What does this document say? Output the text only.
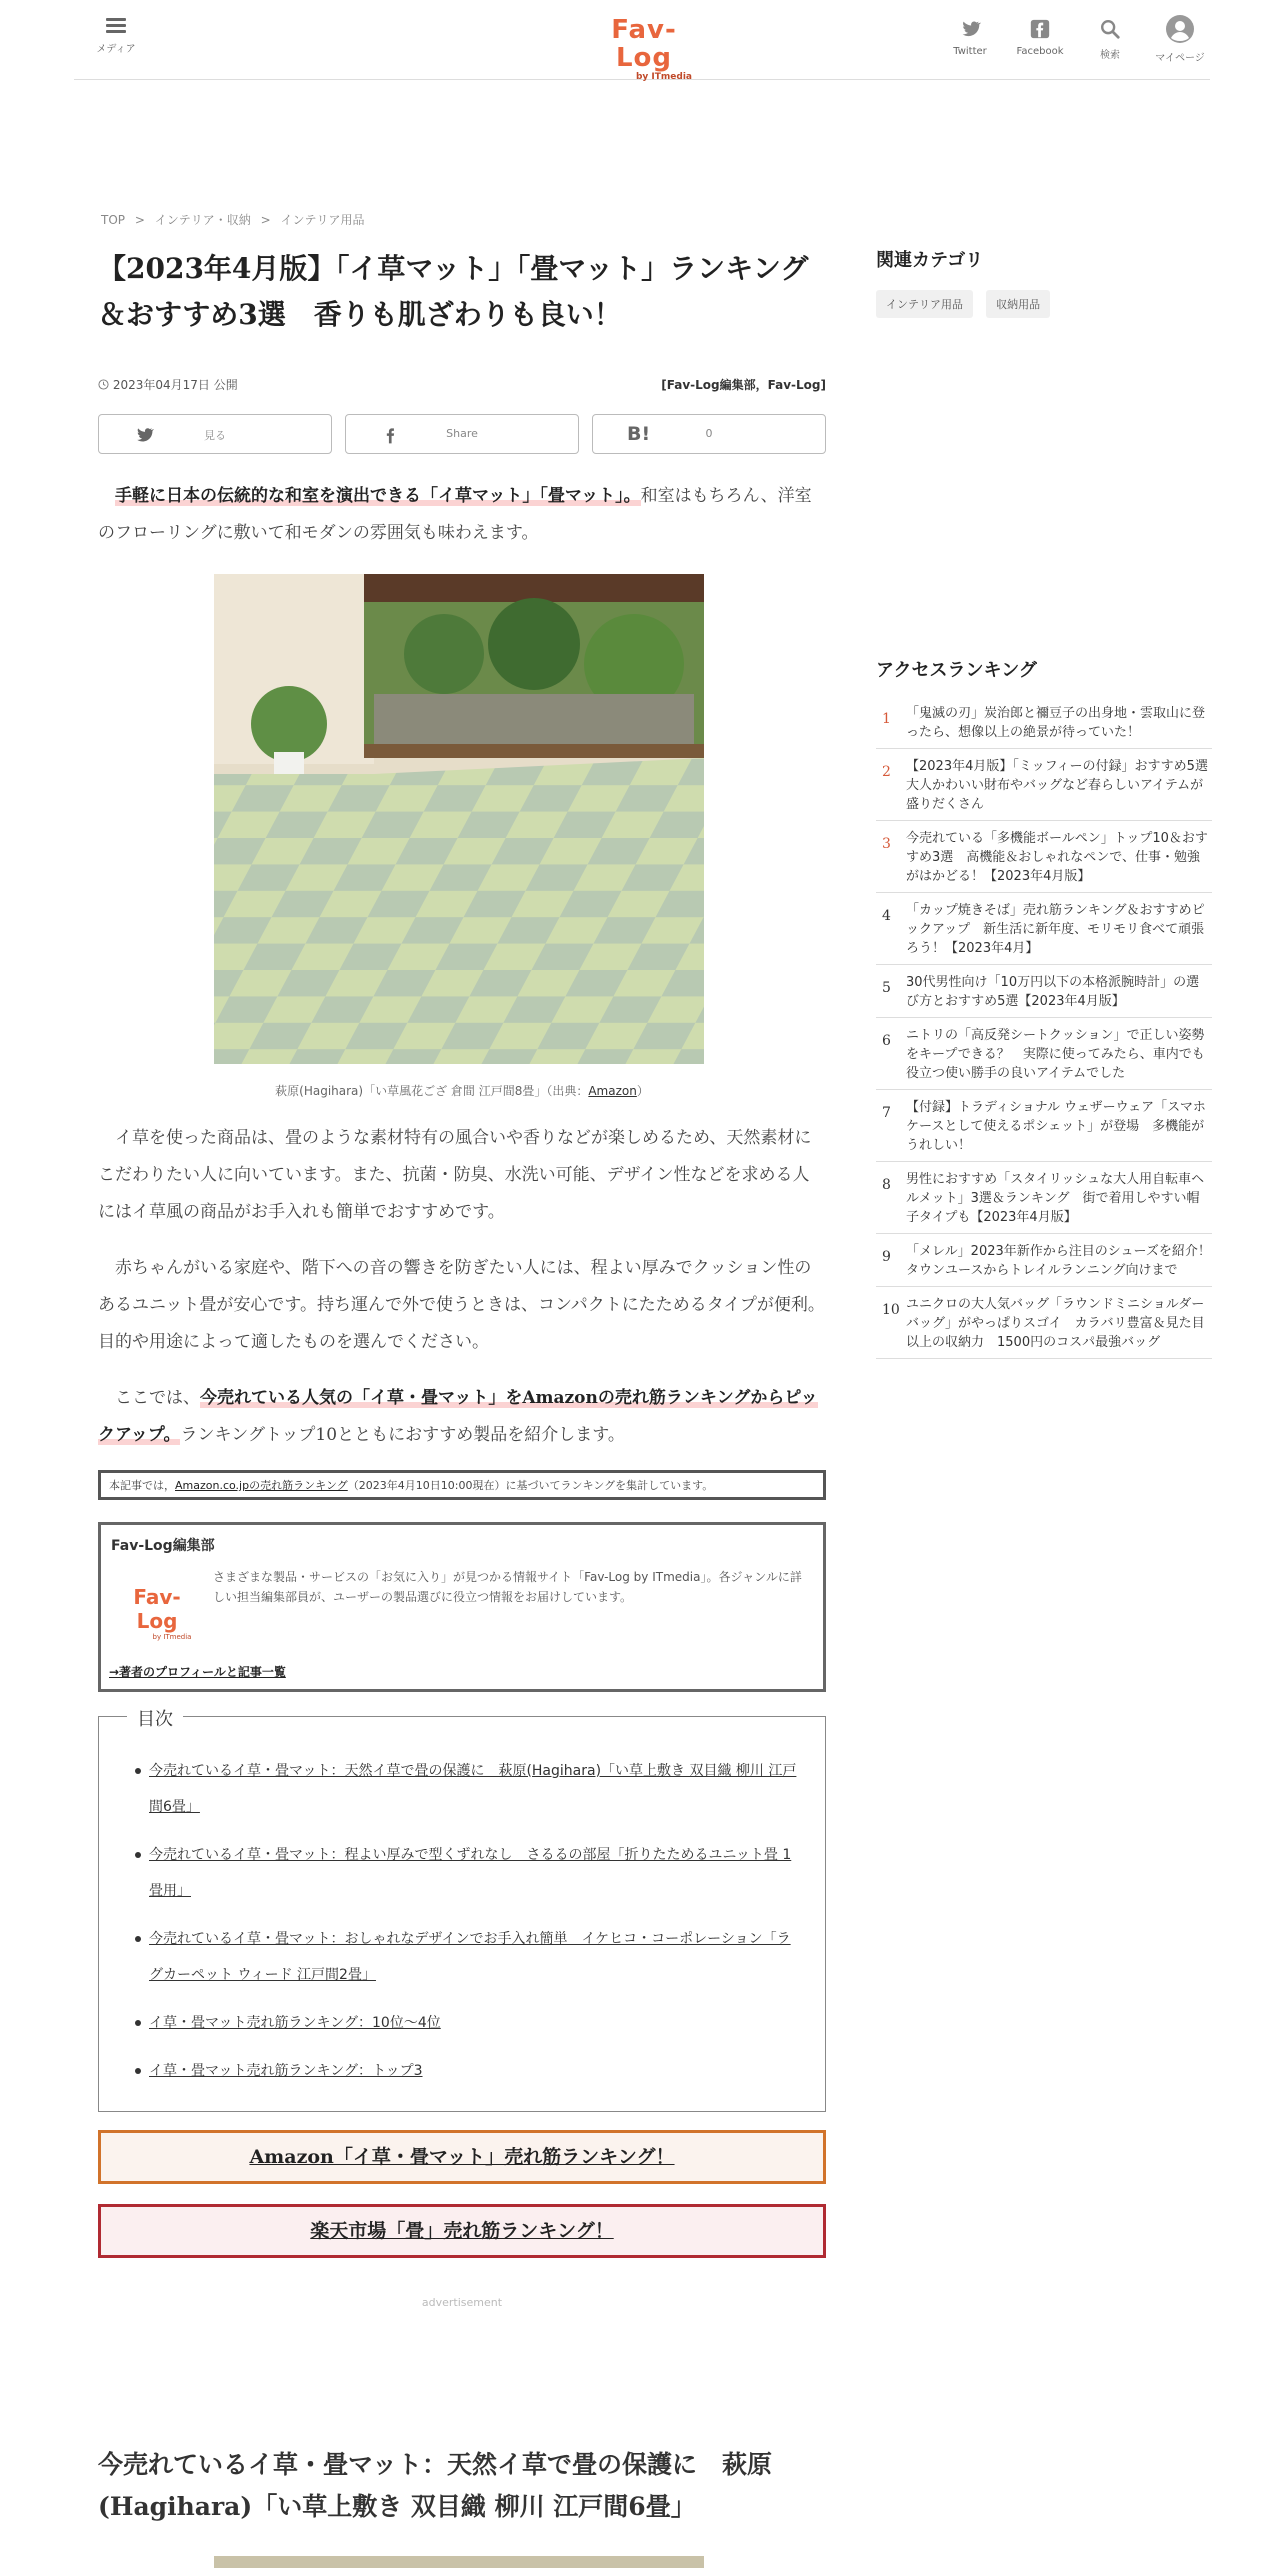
メディア
Fav-Log
by ITmedia
Twitter	Facebook	検索	マイページ
TOP > インテリア・収納 > インテリア用品
【2023年4月版】「イ草マット」「畳マット」ランキング＆おすすめ3選　香りも肌ざわりも良い！
2023年04月17日 公開	[Fav-Log編集部，Fav-Log]
見る	Share	B!	0

手軽に日本の伝統的な和室を演出できる「イ草マット」「畳マット」。和室はもちろん、洋室のフローリングに敷いて和モダンの雰囲気も味わえます。

萩原(Hagihara)「い草風花ござ 倉間 江戸間8畳」（出典：Amazon）

イ草を使った商品は、畳のような素材特有の風合いや香りなどが楽しめるため、天然素材にこだわりたい人に向いています。また、抗菌・防臭、水洗い可能、デザイン性などを求める人にはイ草風の商品がお手入れも簡単でおすすめです。

赤ちゃんがいる家庭や、階下への音の響きを防ぎたい人には、程よい厚みでクッション性のあるユニット畳が安心です。持ち運んで外で使うときは、コンパクトにたためるタイプが便利。目的や用途によって適したものを選んでください。

ここでは、今売れている人気の「イ草・畳マット」をAmazonの売れ筋ランキングからピックアップ。ランキングトップ10とともにおすすめ製品を紹介します。

本記事では，Amazon.co.jpの売れ筋ランキング（2023年4月10日10:00現在）に基づいてランキングを集計しています。
Fav-Log編集部
Fav-Log
by ITmedia
さまざまな製品・サービスの「お気に入り」が見つかる情報サイト「Fav-Log by ITmedia」。各ジャンルに詳しい担当編集部員が、ユーザーの製品選びに役立つ情報をお届けしています。
→著者のプロフィールと記事一覧
目次
今売れているイ草・畳マット：天然イ草で畳の保護に　萩原(Hagihara)「い草上敷き 双目織 柳川 江戸間6畳」
今売れているイ草・畳マット：程よい厚みで型くずれなし　さるるの部屋「折りたためるユニット畳 1畳用」
今売れているイ草・畳マット：おしゃれなデザインでお手入れ簡単　イケヒコ・コーポレーション「ラグカーペット ウィード 江戸間2畳」
イ草・畳マット売れ筋ランキング：10位～4位
イ草・畳マット売れ筋ランキング：トップ3
Amazon「イ草・畳マット」売れ筋ランキング！
楽天市場「畳」売れ筋ランキング！
advertisement
今売れているイ草・畳マット：天然イ草で畳の保護に　萩原(Hagihara)「い草上敷き 双目織 柳川 江戸間6畳」
関連カテゴリ
インテリア用品	収納用品
アクセスランキング
1 「鬼滅の刃」炭治郎と禰豆子の出身地・雲取山に登ったら、想像以上の絶景が待っていた！
2 【2023年4月版】「ミッフィーの付録」おすすめ5選　大人かわいい財布やバッグなど春らしいアイテムが盛りだくさん
3 今売れている「多機能ボールペン」トップ10＆おすすめ3選　高機能＆おしゃれなペンで、仕事・勉強がはかどる！【2023年4月版】
4 「カップ焼きそば」売れ筋ランキング＆おすすめピックアップ　新生活に新年度、モリモリ食べて頑張ろう！【2023年4月】
5 30代男性向け「10万円以下の本格派腕時計」の選び方とおすすめ5選【2023年4月版】
6 ニトリの「高反発シートクッション」で正しい姿勢をキープできる？　実際に使ってみたら、車内でも役立つ使い勝手の良いアイテムでした
7 【付録】トラディショナル ウェザーウェア「スマホケースとして使えるポシェット」が登場　多機能がうれしい！
8 男性におすすめ「スタイリッシュな大人用自転車ヘルメット」3選＆ランキング　街で着用しやすい帽子タイプも【2023年4月版】
9 「メレル」2023年新作から注目のシューズを紹介！　タウンユースからトレイルランニング向けまで
10 ユニクロの大人気バッグ「ラウンドミニショルダーバッグ」がやっぱりスゴイ　カラバリ豊富＆見た目以上の収納力　1500円のコスパ最強バッグ
